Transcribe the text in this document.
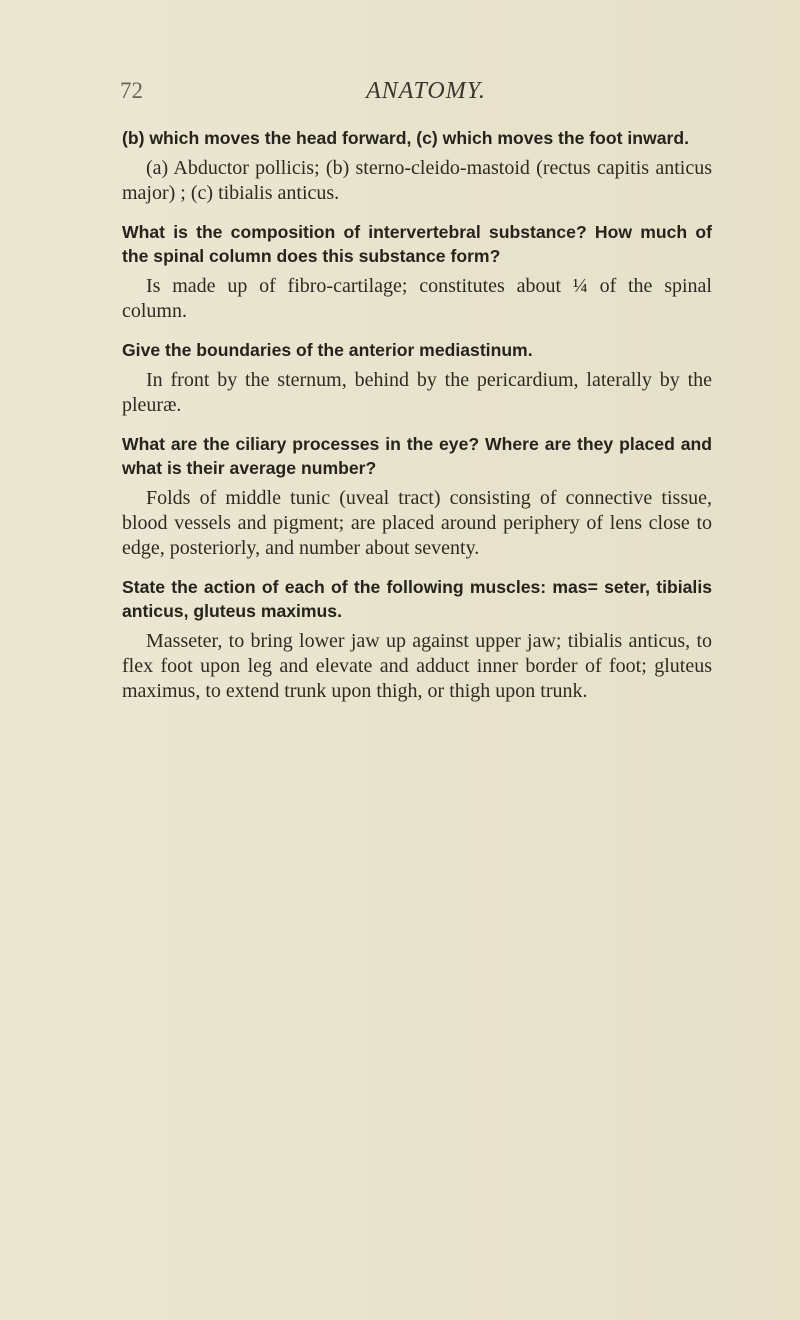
72	ANATOMY.

(b) which moves the head forward, (c) which moves the foot inward.

(a) Abductor pollicis; (b) sterno-cleido-mastoid (rectus capitis anticus major) ; (c) tibialis anticus.

What is the composition of intervertebral substance? How much of the spinal column does this substance form?

Is made up of fibro-cartilage; constitutes about ¼ of the spinal column.

Give the boundaries of the anterior mediastinum.

In front by the sternum, behind by the pericardium, laterally by the pleuræ.

What are the ciliary processes in the eye? Where are they placed and what is their average number?

Folds of middle tunic (uveal tract) consisting of connective tissue, blood vessels and pigment; are placed around periphery of lens close to edge, posteriorly, and number about seventy.

State the action of each of the following muscles: mas= seter, tibialis anticus, gluteus maximus.

Masseter, to bring lower jaw up against upper jaw; tibialis anticus, to flex foot upon leg and elevate and adduct inner border of foot; gluteus maximus, to extend trunk upon thigh, or thigh upon trunk.
